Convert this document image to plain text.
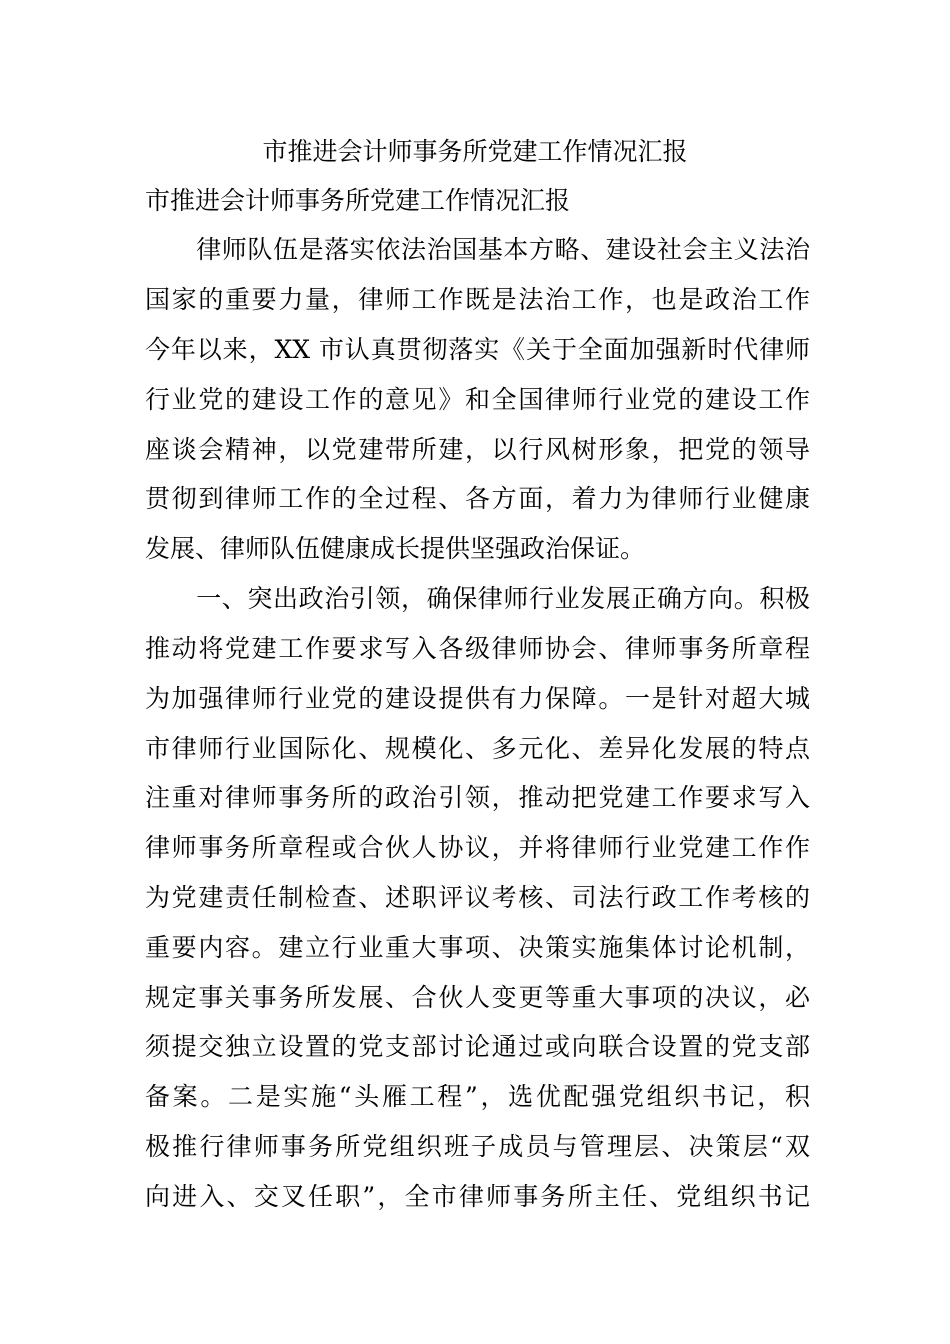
市推进会计师事务所党建工作情况汇报
市推进会计师事务所党建工作情况汇报
　　律师队伍是落实依法治国基本方略、建设社会主义法治
国家的重要力量，律师工作既是法治工作，也是政治工作
今年以来，XX 市认真贯彻落实《关于全面加强新时代律师
行业党的建设工作的意见》和全国律师行业党的建设工作
座谈会精神，以党建带所建，以行风树形象，把党的领导
贯彻到律师工作的全过程、各方面，着力为律师行业健康
发展、律师队伍健康成长提供坚强政治保证。
　　一、突出政治引领，确保律师行业发展正确方向。积极
推动将党建工作要求写入各级律师协会、律师事务所章程
为加强律师行业党的建设提供有力保障。一是针对超大城
市律师行业国际化、规模化、多元化、差异化发展的特点
注重对律师事务所的政治引领，推动把党建工作要求写入
律师事务所章程或合伙人协议，并将律师行业党建工作作
为党建责任制检查、述职评议考核、司法行政工作考核的
重要内容。建立行业重大事项、决策实施集体讨论机制，
规定事关事务所发展、合伙人变更等重大事项的决议，必
须提交独立设置的党支部讨论通过或向联合设置的党支部
备案。二是实施“头雁工程”，选优配强党组织书记，积
极推行律师事务所党组织班子成员与管理层、决策层“双
向进入、交叉任职”，全市律师事务所主任、党组织书记
